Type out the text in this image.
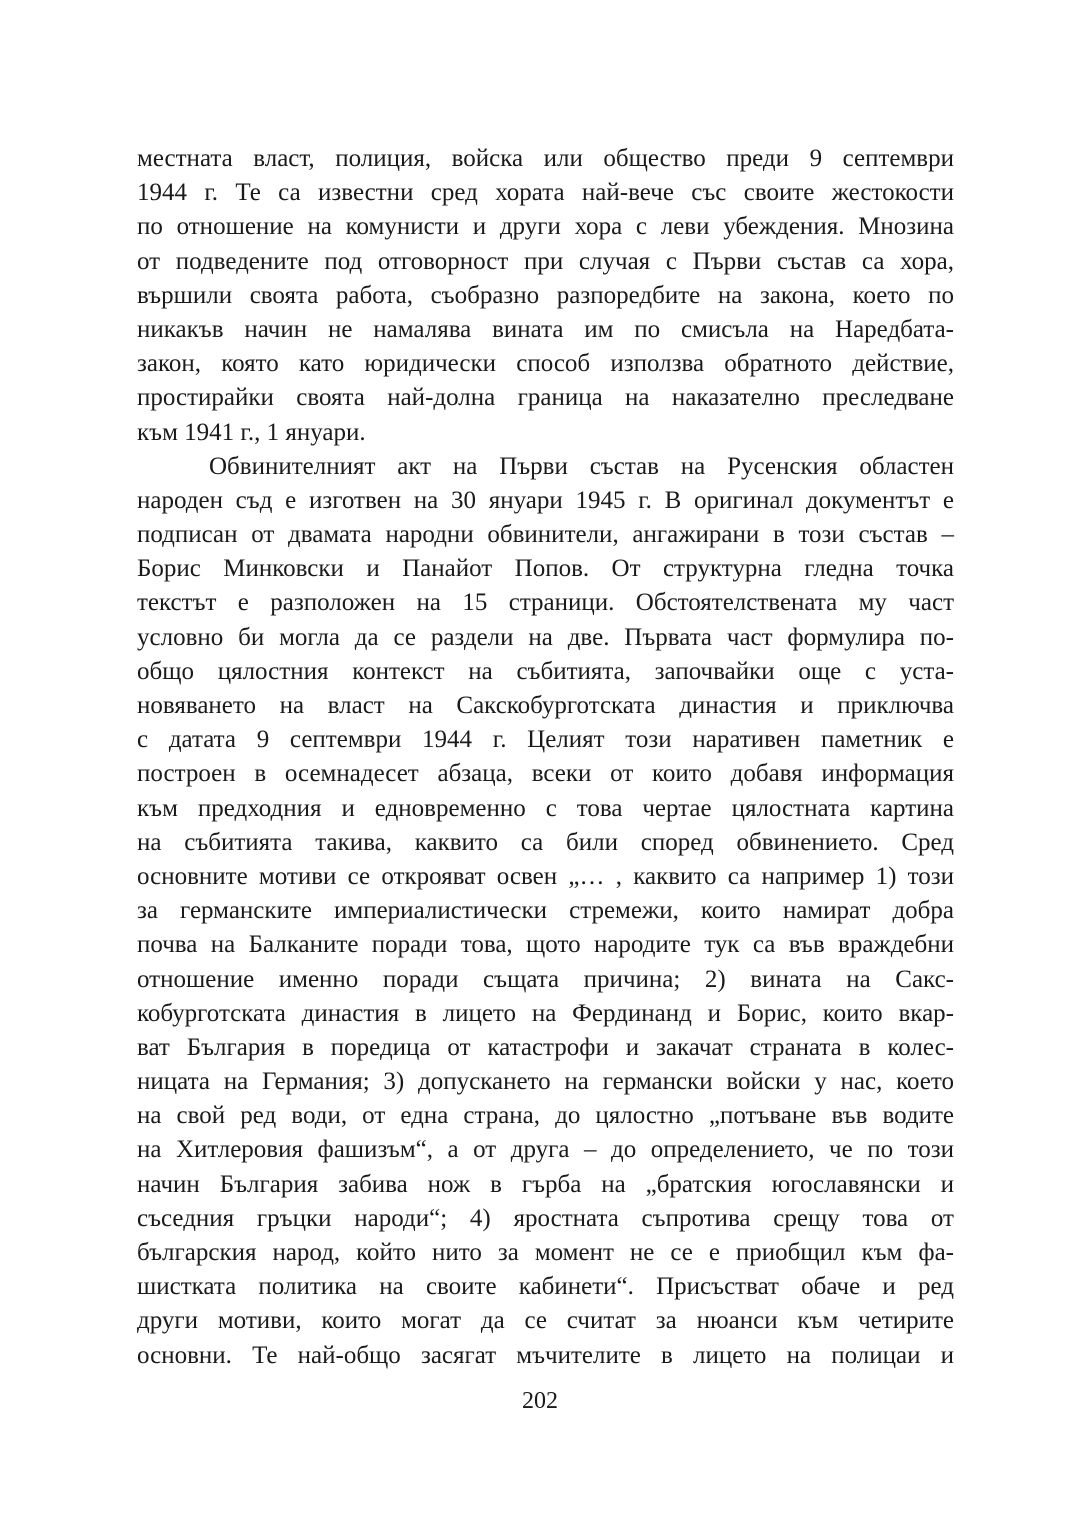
местната власт, полиция, войска или общество преди 9 септември
1944 г. Те са известни сред хората най-вече със своите жестокости
по отношение на комунисти и други хора с леви убеждения. Мнозина
от подведените под отговорност при случая с Първи състав са хора,
вършили своята работа, съобразно разпоредбите на закона, което по
никакъв начин не намалява вината им по смисъла на Наредбата-
закон, която като юридически способ използва обратното действие,
простирайки своята най-долна граница на наказателно преследване
към 1941 г., 1 януари.
Обвинителният акт на Първи състав на Русенския областен
народен съд е изготвен на 30 януари 1945 г. В оригинал документът е
подписан от двамата народни обвинители, ангажирани в този състав –
Борис Минковски и Панайот Попов. От структурна гледна точка
текстът е разположен на 15 страници. Обстоятелствената му част
условно би могла да се раздели на две. Първата част формулира по-
общо цялостния контекст на събитията, започвайки още с уста-
новяването на власт на Сакскобурготската династия и приключва
с датата 9 септември 1944 г. Целият този наративен паметник е
построен в осемнадесет абзаца, всеки от които добавя информация
към предходния и едновременно с това чертае цялостната картина
на събитията такива, каквито са били според обвинението. Сред
основните мотиви се открояват освен „… , каквито са например 1) този
за германските империалистически стремежи, които намират добра
почва на Балканите поради това, щото народите тук са във враждебни
отношение именно поради същата причина; 2) вината на Сакс-
кобурготската династия в лицето на Фердинанд и Борис, които вкар-
ват България в поредица от катастрофи и закачат страната в колес-
ницата на Германия; 3) допускането на германски войски у нас, което
на свой ред води, от една страна, до цялостно „потъване във водите
на Хитлеровия фашизъм“, а от друга – до определението, че по този
начин България забива нож в гърба на „братския югославянски и
съседния гръцки народи“; 4) яростната съпротива срещу това от
българския народ, който нито за момент не се е приобщил към фа-
шистката политика на своите кабинети“. Присъстват обаче и ред
други мотиви, които могат да се считат за нюанси към четирите
основни. Те най-общо засягат мъчителите в лицето на полицаи и
202
